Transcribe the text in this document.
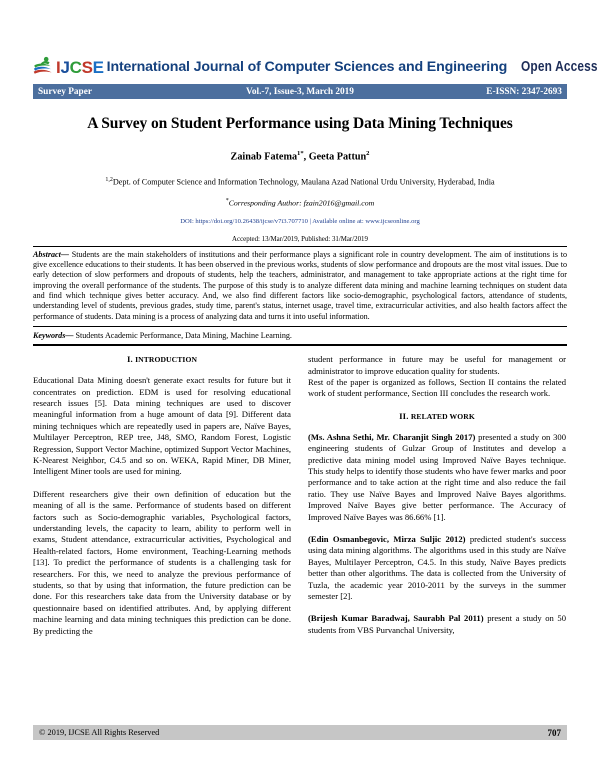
IJCSE International Journal of Computer Sciences and Engineering Open Access
Survey Paper	Vol.-7, Issue-3, March 2019	E-ISSN: 2347-2693
A Survey on Student Performance using Data Mining Techniques
Zainab Fatema$^{1*}$, Geeta Pattun$^2$
$^{1,2}$Dept. of Computer Science and Information Technology, Maulana Azad National Urdu University, Hyderabad, India
*Corresponding Author: fzain2016@gmail.com
DOI: https://doi.org/10.26438/ijcse/v7i3.707710 | Available online at: www.ijcseonline.org
Accepted: 13/Mar/2019, Published: 31/Mar/2019
Abstract— Students are the main stakeholders of institutions and their performance plays a significant role in country development. The aim of institutions is to give excellence educations to their students. It has been observed in the previous works, students of slow performance and dropouts are the most vital issues. Due to early detection of slow performers and dropouts of students, help the teachers, administrator, and management to take appropriate actions at the right time for improving the overall performance of the students. The purpose of this study is to analyze different data mining and machine learning techniques on student data and find which technique gives better accuracy. And, we also find different factors like socio-demographic, psychological factors, attendance of students, understanding level of students, previous grades, study time, parent's status, internet usage, travel time, extracurricular activities, and also health factors affect the performance of students. Data mining is a process of analyzing data and turns it into useful information.
Keywords— Students Academic Performance, Data Mining, Machine Learning.
I. INTRODUCTION

Educational Data Mining doesn't generate exact results for future but it concentrates on prediction. EDM is used for resolving educational research issues [5]. Data mining techniques are used to discover meaningful information from a huge amount of data [9]. Different data mining techniques which are repeatedly used in papers are, Naïve Bayes, Multilayer Perceptron, REP tree, J48, SMO, Random Forest, Logistic Regression, Support Vector Machine, optimized Support Vector Machines, K-Nearest Neighbor, C4.5 and so on. WEKA, Rapid Miner, DB Miner, Intelligent Miner tools are used for mining.

Different researchers give their own definition of education but the meaning of all is the same. Performance of students based on different factors such as Socio-demographic variables, Psychological factors, understanding levels, the capacity to learn, ability to perform well in exams, Student attendance, extracurricular activities, Psychological and Health-related factors, Home environment, Teaching-Learning methods [13]. To predict the performance of students is a challenging task for researchers. For this, we need to analyze the previous performance of students, so that by using that information, the future prediction can be done. For this researchers take data from the University database or by questionnaire based on identified attributes. And, by applying different machine learning and data mining techniques this prediction can be done. By predicting the

student performance in future may be useful for management or administrator to improve education quality for students.

Rest of the paper is organized as follows, Section II contains the related work of student performance, Section III concludes the research work.

II. RELATED WORK

(Ms. Ashna Sethi, Mr. Charanjit Singh 2017) presented a study on 300 engineering students of Gulzar Group of Institutes and develop a predictive data mining model using Improved Naïve Bayes technique. This study helps to identify those students who have fewer marks and poor performance and to take action at the right time and also reduce the fail ratio. They use Naïve Bayes and Improved Naïve Bayes algorithms. Improved Naïve Bayes give better performance. The Accuracy of Improved Naïve Bayes was 86.66% [1].

(Edin Osmanbegovic, Mirza Suljic 2012) predicted student's success using data mining algorithms. The algorithms used in this study are Naïve Bayes, Multilayer Perceptron, C4.5. In this study, Naïve Bayes predicts better than other algorithms. The data is collected from the University of Tuzla, the academic year 2010-2011 by the surveys in the summer semester [2].

(Brijesh Kumar Baradwaj, Saurabh Pal 2011) present a study on 50 students from VBS Purvanchal University,

© 2019, IJCSE All Rights Reserved	707
